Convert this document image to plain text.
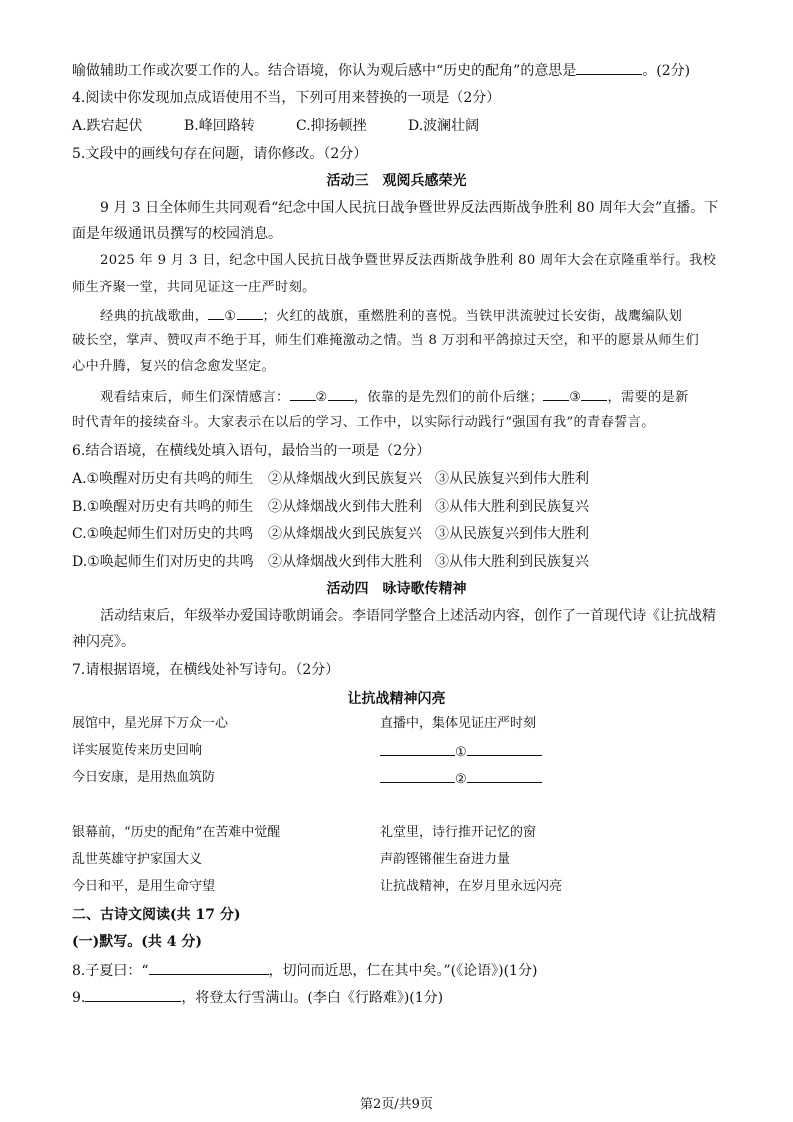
喻做辅助工作或次要工作的人。结合语境，你认为观后感中“历史的配角”的意思是	。(2分)
4.阅读中你发现加点成语使用不当，下列可用来替换的一项是（2分）
A.跌宕起伏	B.峰回路转	C.抑扬顿挫	D.波澜壮阔
5.文段中的画线句存在问题，请你修改。（2分）
活动三　观阅兵感荣光
9 月 3 日全体师生共同观看“纪念中国人民抗日战争暨世界反法西斯战争胜利 80 周年大会”直播。下
面是年级通讯员撰写的校园消息。
2025 年 9 月 3 日，纪念中国人民抗日战争暨世界反法西斯战争胜利 80 周年大会在京隆重举行。我校
师生齐聚一堂，共同见证这一庄严时刻。
经典的抗战歌曲， ① ；火红的战旗，重燃胜利的喜悦。当铁甲洪流驶过长安街，战鹰编队划
破长空，掌声、赞叹声不绝于耳，师生们难掩激动之情。当 8 万羽和平鸽掠过天空，和平的愿景从师生们
心中升腾，复兴的信念愈发坚定。
观看结束后，师生们深情感言： ② ，依靠的是先烈们的前仆后继； ③ ，需要的是新
时代青年的接续奋斗。大家表示在以后的学习、工作中，以实际行动践行“强国有我”的青春誓言。
6.结合语境，在横线处填入语句，最恰当的一项是（2分）
A.①唤醒对历史有共鸣的师生 ②从烽烟战火到民族复兴 ③从民族复兴到伟大胜利
B.①唤醒对历史有共鸣的师生 ②从烽烟战火到伟大胜利 ③从伟大胜利到民族复兴
C.①唤起师生们对历史的共鸣 ②从烽烟战火到民族复兴 ③从民族复兴到伟大胜利
D.①唤起师生们对历史的共鸣 ②从烽烟战火到伟大胜利 ③从伟大胜利到民族复兴
活动四　咏诗歌传精神
活动结束后，年级举办爱国诗歌朗诵会。李语同学整合上述活动内容，创作了一首现代诗《让抗战精
神闪亮》。
7.请根据语境，在横线处补写诗句。（2分）
让抗战精神闪亮
展馆中，星光屏下万众一心	直播中，集体见证庄严时刻
详实展览传来历史回响	①
今日安康，是用热血筑防	②
银幕前，“历史的配角”在苦难中觉醒	礼堂里，诗行推开记忆的窗
乱世英雄守护家国大义	声韵铿锵催生奋进力量
今日和平，是用生命守望	让抗战精神，在岁月里永远闪亮
二、古诗文阅读(共 17 分)
(一)默写。(共 4 分)
8.子夏曰：“	，切问而近思，仁在其中矣。”(《论语》)(1分)
9.	，将登太行雪满山。(李白《行路难》)(1分)
第2页/共9页
